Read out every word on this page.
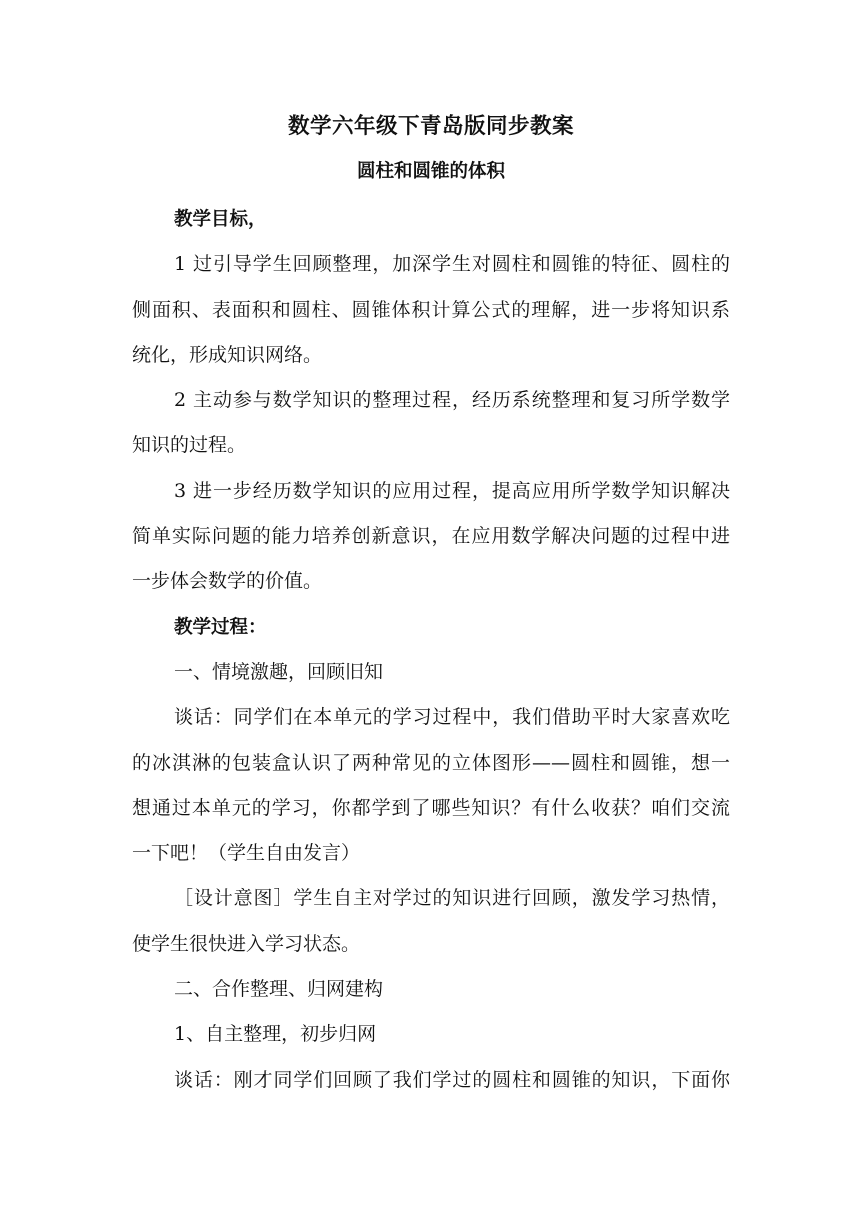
数学六年级下青岛版同步教案
圆柱和圆锥的体积
教学目标，
1 过引导学生回顾整理，加深学生对圆柱和圆锥的特征、圆柱的
侧面积、表面积和圆柱、圆锥体积计算公式的理解，进一步将知识系
统化，形成知识网络。
2 主动参与数学知识的整理过程，经历系统整理和复习所学数学
知识的过程。
3 进一步经历数学知识的应用过程，提高应用所学数学知识解决
简单实际问题的能力培养创新意识，在应用数学解决问题的过程中进
一步体会数学的价值。
教学过程：
一、情境激趣，回顾旧知
谈话：同学们在本单元的学习过程中，我们借助平时大家喜欢吃
的冰淇淋的包装盒认识了两种常见的立体图形——圆柱和圆锥，想一
想通过本单元的学习，你都学到了哪些知识？有什么收获？咱们交流
一下吧！（学生自由发言）
［设计意图］学生自主对学过的知识进行回顾，激发学习热情，
使学生很快进入学习状态。
二、合作整理、归网建构
1、自主整理，初步归网
谈话：刚才同学们回顾了我们学过的圆柱和圆锥的知识，下面你
